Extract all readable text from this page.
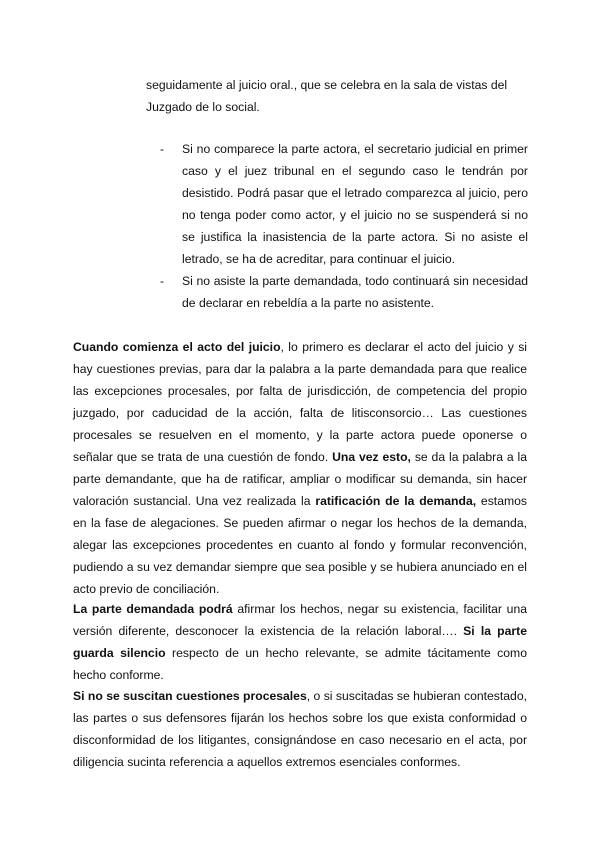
seguidamente al juicio oral., que se celebra en la sala de vistas del Juzgado de lo social.
- Si no comparece la parte actora, el secretario judicial en primer caso y el juez tribunal en el segundo caso le tendrán por desistido. Podrá pasar que el letrado comparezca al juicio, pero no tenga poder como actor, y el juicio no se suspenderá si no se justifica la inasistencia de la parte actora. Si no asiste el letrado, se ha de acreditar, para continuar el juicio.
- Si no asiste la parte demandada, todo continuará sin necesidad de declarar en rebeldía a la parte no asistente.

Cuando comienza el acto del juicio, lo primero es declarar el acto del juicio y si hay cuestiones previas, para dar la palabra a la parte demandada para que realice las excepciones procesales, por falta de jurisdicción, de competencia del propio juzgado, por caducidad de la acción, falta de litisconsorcio… Las cuestiones procesales se resuelven en el momento, y la parte actora puede oponerse o señalar que se trata de una cuestión de fondo. Una vez esto, se da la palabra a la parte demandante, que ha de ratificar, ampliar o modificar su demanda, sin hacer valoración sustancial. Una vez realizada la ratificación de la demanda, estamos en la fase de alegaciones. Se pueden afirmar o negar los hechos de la demanda, alegar las excepciones procedentes en cuanto al fondo y formular reconvención, pudiendo a su vez demandar siempre que sea posible y se hubiera anunciado en el acto previo de conciliación.

La parte demandada podrá afirmar los hechos, negar su existencia, facilitar una versión diferente, desconocer la existencia de la relación laboral…. Si la parte guarda silencio respecto de un hecho relevante, se admite tácitamente como hecho conforme.

Si no se suscitan cuestiones procesales, o si suscitadas se hubieran contestado, las partes o sus defensores fijarán los hechos sobre los que exista conformidad o disconformidad de los litigantes, consignándose en caso necesario en el acta, por diligencia sucinta referencia a aquellos extremos esenciales conformes.
